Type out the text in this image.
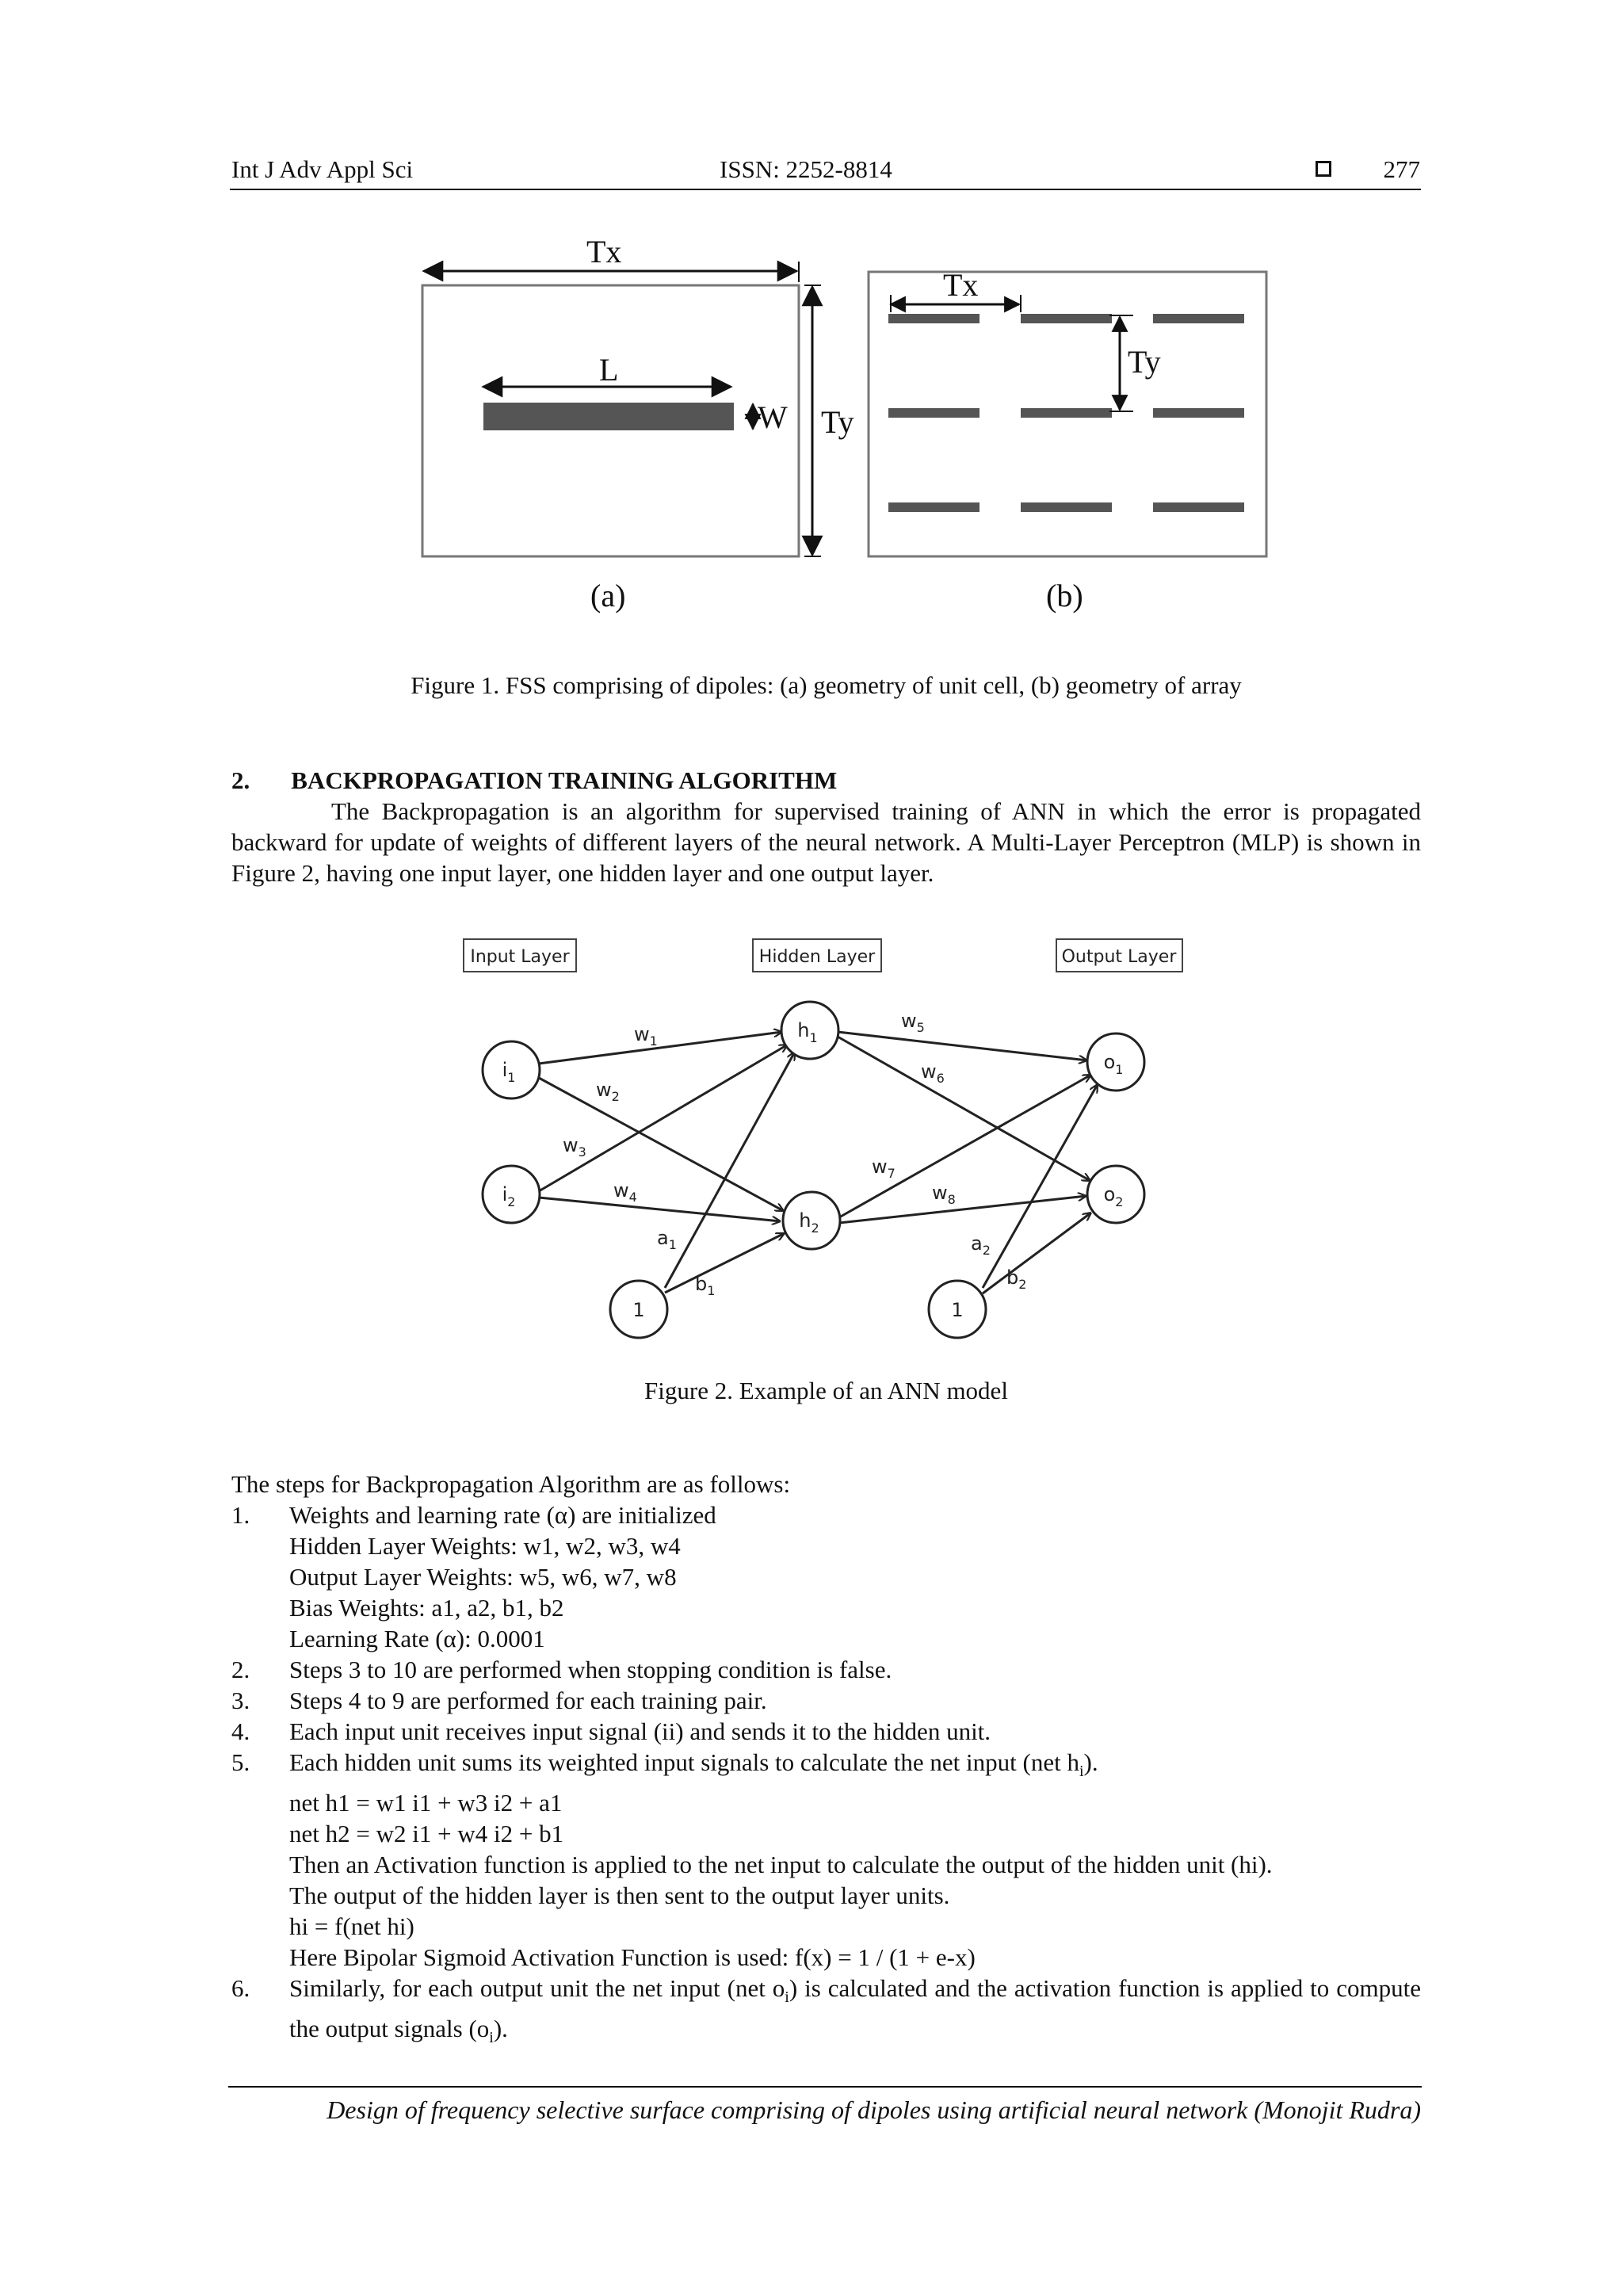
Int J Adv Appl Sci	ISSN: 2252-8814	277
Tx
L
W Ty
(a)
Tx
Ty
(b)
Figure 1. FSS comprising of dipoles: (a) geometry of unit cell, (b) geometry of array
2. BACKPROPAGATION TRAINING ALGORITHM
The Backpropagation is an algorithm for supervised training of ANN in which the error is propagated backward for update of weights of different layers of the neural network. A Multi-Layer Perceptron (MLP) is shown in Figure 2, having one input layer, one hidden layer and one output layer.
Input Layer	Hidden Layer	Output Layer
$i_1$
$i_2$
$h_1$
$h_2$
$o_1$
$o_2$
1	1
$w_1$
$w_2$
$w_3$
$w_4$
$w_5$
$w_6$
$w_7$
$w_8$
$a_1$
$b_1$
$a_2$
$b_2$
Figure 2. Example of an ANN model
The steps for Backpropagation Algorithm are as follows:
1. Weights and learning rate (α) are initialized
Hidden Layer Weights: w1, w2, w3, w4
Output Layer Weights: w5, w6, w7, w8
Bias Weights: a1, a2, b1, b2
Learning Rate (α): 0.0001
2. Steps 3 to 10 are performed when stopping condition is false.
3. Steps 4 to 9 are performed for each training pair.
4. Each input unit receives input signal (ii) and sends it to the hidden unit.
5. Each hidden unit sums its weighted input signals to calculate the net input (net $h_i$).
net h1 = w1 i1 + w3 i2 + a1
net h2 = w2 i1 + w4 i2 + b1
Then an Activation function is applied to the net input to calculate the output of the hidden unit (hi).
The output of the hidden layer is then sent to the output layer units.
hi = f(net hi)
Here Bipolar Sigmoid Activation Function is used: f(x) = 1 / (1 + e-x)
6. Similarly, for each output unit the net input (net $o_i$) is calculated and the activation function is applied to compute the output signals $(o_i)$.
Design of frequency selective surface comprising of dipoles using artificial neural network (Monojit Rudra)
